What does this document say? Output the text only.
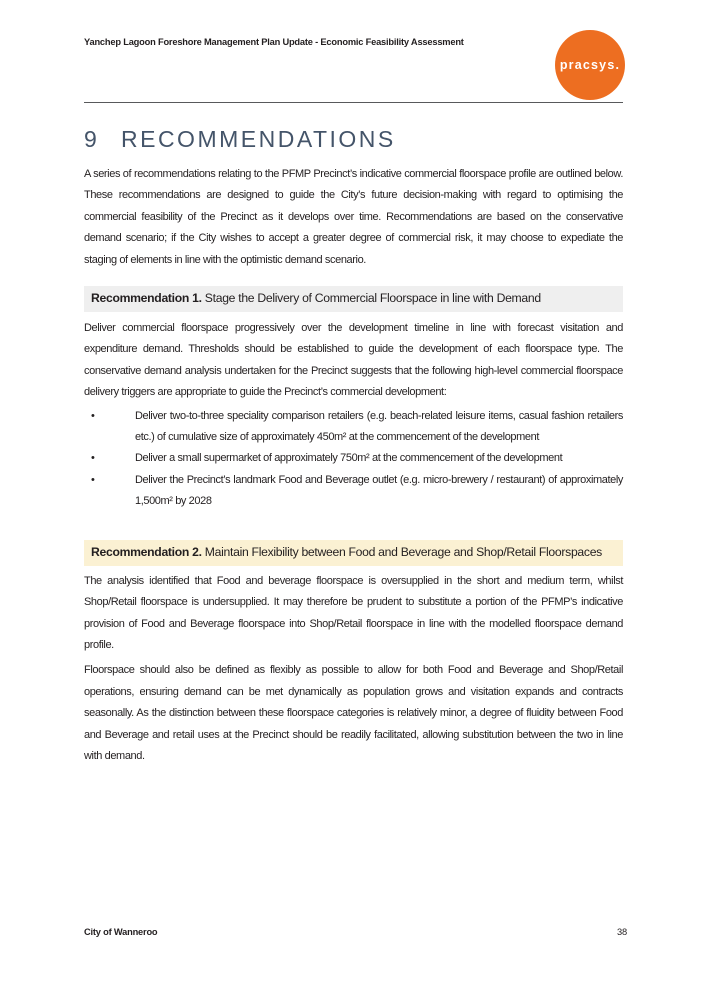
Yanchep Lagoon Foreshore Management Plan Update - Economic Feasibility Assessment
pracsys.
9 RECOMMENDATIONS

A series of recommendations relating to the PFMP Precinct’s indicative commercial floorspace profile are outlined below. These recommendations are designed to guide the City’s future decision-making with regard to optimising the commercial feasibility of the Precinct as it develops over time. Recommendations are based on the conservative demand scenario; if the City wishes to accept a greater degree of commercial risk, it may choose to expediate the staging of elements in line with the optimistic demand scenario.

Recommendation 1. Stage the Delivery of Commercial Floorspace in line with Demand

Deliver commercial floorspace progressively over the development timeline in line with forecast visitation and expenditure demand. Thresholds should be established to guide the development of each floorspace type. The conservative demand analysis undertaken for the Precinct suggests that the following high-level commercial floorspace delivery triggers are appropriate to guide the Precinct’s commercial development:

•	Deliver two-to-three speciality comparison retailers (e.g. beach-related leisure items, casual fashion retailers etc.) of cumulative size of approximately 450m² at the commencement of the development
•	Deliver a small supermarket of approximately 750m² at the commencement of the development
•	Deliver the Precinct’s landmark Food and Beverage outlet (e.g. micro-brewery / restaurant) of approximately 1,500m² by 2028
Recommendation 2. Maintain Flexibility between Food and Beverage and Shop/Retail Floorspaces

The analysis identified that Food and beverage floorspace is oversupplied in the short and medium term, whilst Shop/Retail floorspace is undersupplied. It may therefore be prudent to substitute a portion of the PFMP’s indicative provision of Food and Beverage floorspace into Shop/Retail floorspace in line with the modelled floorspace demand profile.

Floorspace should also be defined as flexibly as possible to allow for both Food and Beverage and Shop/Retail operations, ensuring demand can be met dynamically as population grows and visitation expands and contracts seasonally. As the distinction between these floorspace categories is relatively minor, a degree of fluidity between Food and Beverage and retail uses at the Precinct should be readily facilitated, allowing substitution between the two in line with demand.

City of Wanneroo	38
